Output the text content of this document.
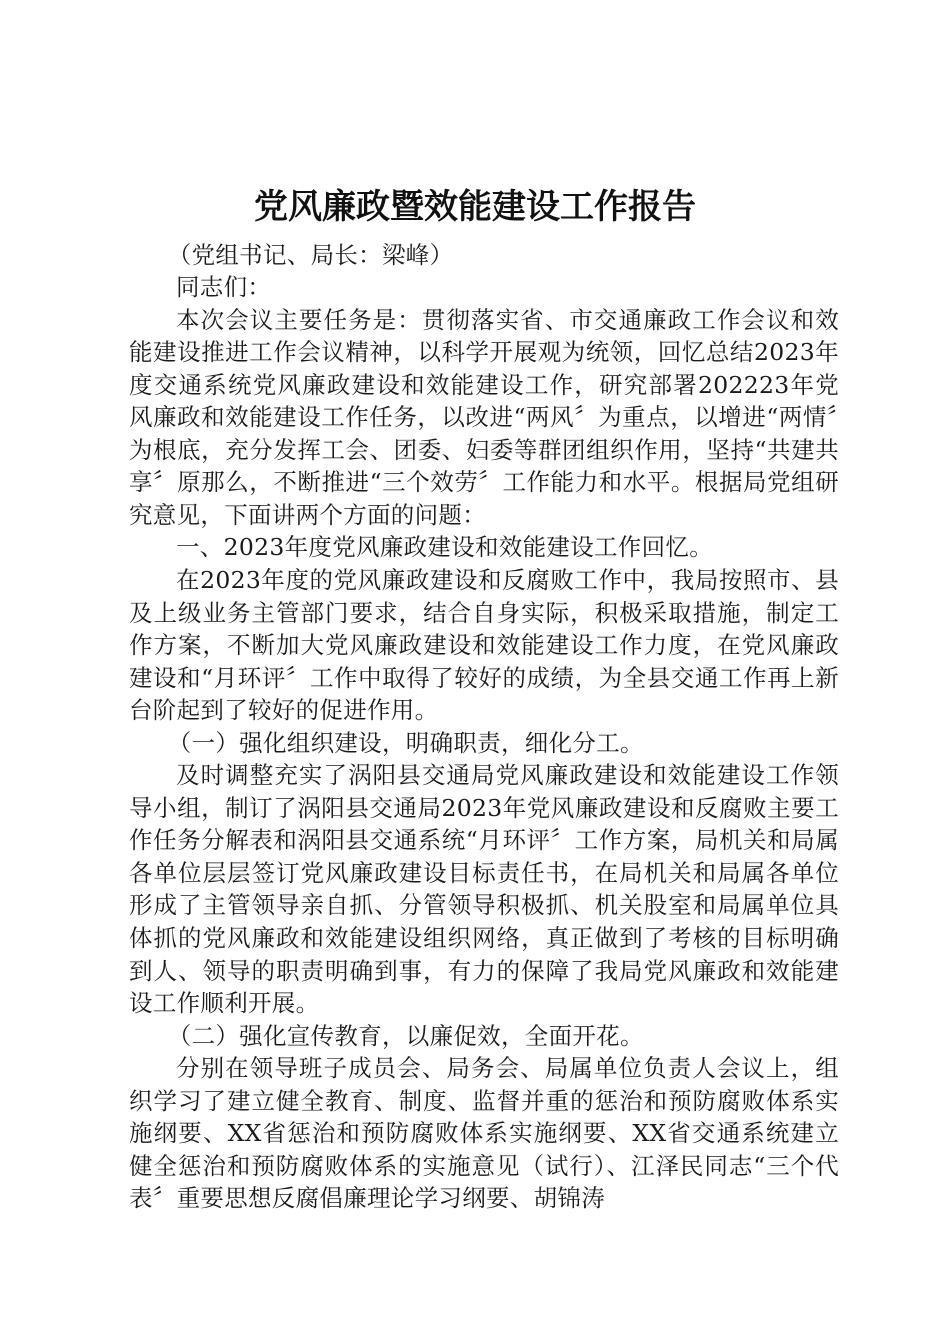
党风廉政暨效能建设工作报告

（党组书记、局长：梁峰）

同志们：

本次会议主要任务是：贯彻落实省、市交通廉政工作会议和效能建设推进工作会议精神，以科学开展观为统领，回忆总结2023年度交通系统党风廉政建设和效能建设工作，研究部署202223年党风廉政和效能建设工作任务，以改进“两风〞为重点，以增进“两情〞为根底，充分发挥工会、团委、妇委等群团组织作用，坚持“共建共享〞原那么，不断推进“三个效劳〞工作能力和水平。根据局党组研究意见，下面讲两个方面的问题：

一、2023年度党风廉政建设和效能建设工作回忆。

在2023年度的党风廉政建设和反腐败工作中，我局按照市、县及上级业务主管部门要求，结合自身实际，积极采取措施，制定工作方案，不断加大党风廉政建设和效能建设工作力度，在党风廉政建设和“月环评〞工作中取得了较好的成绩，为全县交通工作再上新台阶起到了较好的促进作用。

（一）强化组织建设，明确职责，细化分工。

及时调整充实了涡阳县交通局党风廉政建设和效能建设工作领导小组，制订了涡阳县交通局2023年党风廉政建设和反腐败主要工作任务分解表和涡阳县交通系统“月环评〞工作方案，局机关和局属各单位层层签订党风廉政建设目标责任书，在局机关和局属各单位形成了主管领导亲自抓、分管领导积极抓、机关股室和局属单位具体抓的党风廉政和效能建设组织网络，真正做到了考核的目标明确到人、领导的职责明确到事，有力的保障了我局党风廉政和效能建设工作顺利开展。

（二）强化宣传教育，以廉促效，全面开花。

分别在领导班子成员会、局务会、局属单位负责人会议上，组织学习了建立健全教育、制度、监督并重的惩治和预防腐败体系实施纲要、XX省惩治和预防腐败体系实施纲要、XX省交通系统建立健全惩治和预防腐败体系的实施意见（试行）、江泽民同志“三个代表〞重要思想反腐倡廉理论学习纲要、胡锦涛
